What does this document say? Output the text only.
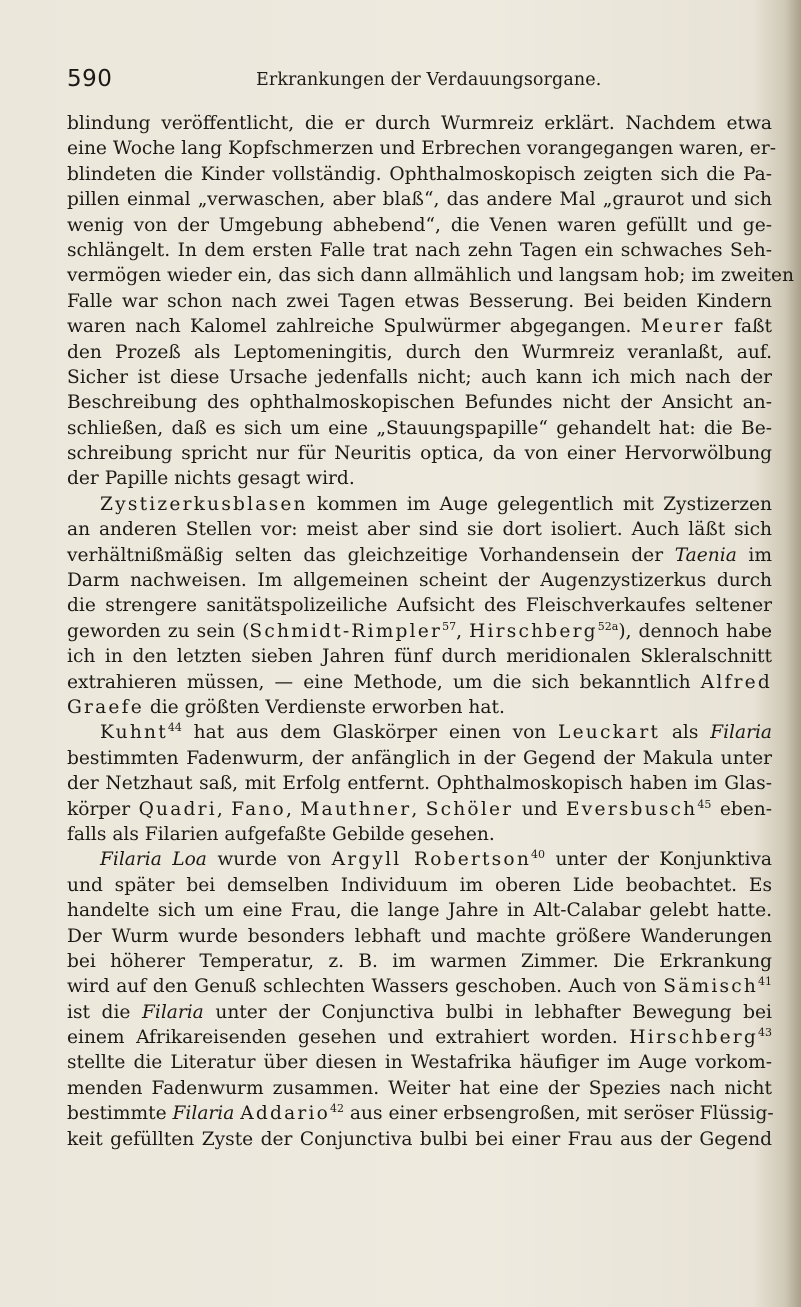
590	Erkrankungen der Verdauungsorgane.
blindung veröffentlicht, die er durch Wurmreiz erklärt. Nachdem etwa
eine Woche lang Kopfschmerzen und Erbrechen vorangegangen waren, er-
blindeten die Kinder vollständig. Ophthalmoskopisch zeigten sich die Pa-
pillen einmal „verwaschen, aber blaß“, das andere Mal „graurot und sich
wenig von der Umgebung abhebend“, die Venen waren gefüllt und ge-
schlängelt. In dem ersten Falle trat nach zehn Tagen ein schwaches Seh-
vermögen wieder ein, das sich dann allmählich und langsam hob; im zweiten
Falle war schon nach zwei Tagen etwas Besserung. Bei beiden Kindern
waren nach Kalomel zahlreiche Spulwürmer abgegangen. Meurer faßt
den Prozeß als Leptomeningitis, durch den Wurmreiz veranlaßt, auf.
Sicher ist diese Ursache jedenfalls nicht; auch kann ich mich nach der
Beschreibung des ophthalmoskopischen Befundes nicht der Ansicht an-
schließen, daß es sich um eine „Stauungspapille“ gehandelt hat: die Be-
schreibung spricht nur für Neuritis optica, da von einer Hervorwölbung
der Papille nichts gesagt wird.
Zystizerkusblasen kommen im Auge gelegentlich mit Zystizerzen
an anderen Stellen vor: meist aber sind sie dort isoliert. Auch läßt sich
verhältnißmäßig selten das gleichzeitige Vorhandensein der Taenia im
Darm nachweisen. Im allgemeinen scheint der Augenzystizerkus durch
die strengere sanitätspolizeiliche Aufsicht des Fleischverkaufes seltener
geworden zu sein (Schmidt-Rimpler$^{57}$, Hirschberg$^{52a}$), dennoch habe
ich in den letzten sieben Jahren fünf durch meridionalen Skleralschnitt
extrahieren müssen, — eine Methode, um die sich bekanntlich Alfred
Graefe die größten Verdienste erworben hat.
Kuhnt$^{44}$ hat aus dem Glaskörper einen von Leuckart als Filaria
bestimmten Fadenwurm, der anfänglich in der Gegend der Makula unter
der Netzhaut saß, mit Erfolg entfernt. Ophthalmoskopisch haben im Glas-
körper Quadri, Fano, Mauthner, Schöler und Eversbusch$^{45}$ eben-
falls als Filarien aufgefaßte Gebilde gesehen.
Filaria Loa wurde von Argyll Robertson$^{40}$ unter der Konjunktiva
und später bei demselben Individuum im oberen Lide beobachtet. Es
handelte sich um eine Frau, die lange Jahre in Alt-Calabar gelebt hatte.
Der Wurm wurde besonders lebhaft und machte größere Wanderungen
bei höherer Temperatur, z. B. im warmen Zimmer. Die Erkrankung
wird auf den Genuß schlechten Wassers geschoben. Auch von Sämisch$^{41}$
ist die Filaria unter der Conjunctiva bulbi in lebhafter Bewegung bei
einem Afrikareisenden gesehen und extrahiert worden. Hirschberg$^{43}$
stellte die Literatur über diesen in Westafrika häufiger im Auge vorkom-
menden Fadenwurm zusammen. Weiter hat eine der Spezies nach nicht
bestimmte Filaria Addario$^{42}$ aus einer erbsengroßen, mit seröser Flüssig-
keit gefüllten Zyste der Conjunctiva bulbi bei einer Frau aus der Gegend
